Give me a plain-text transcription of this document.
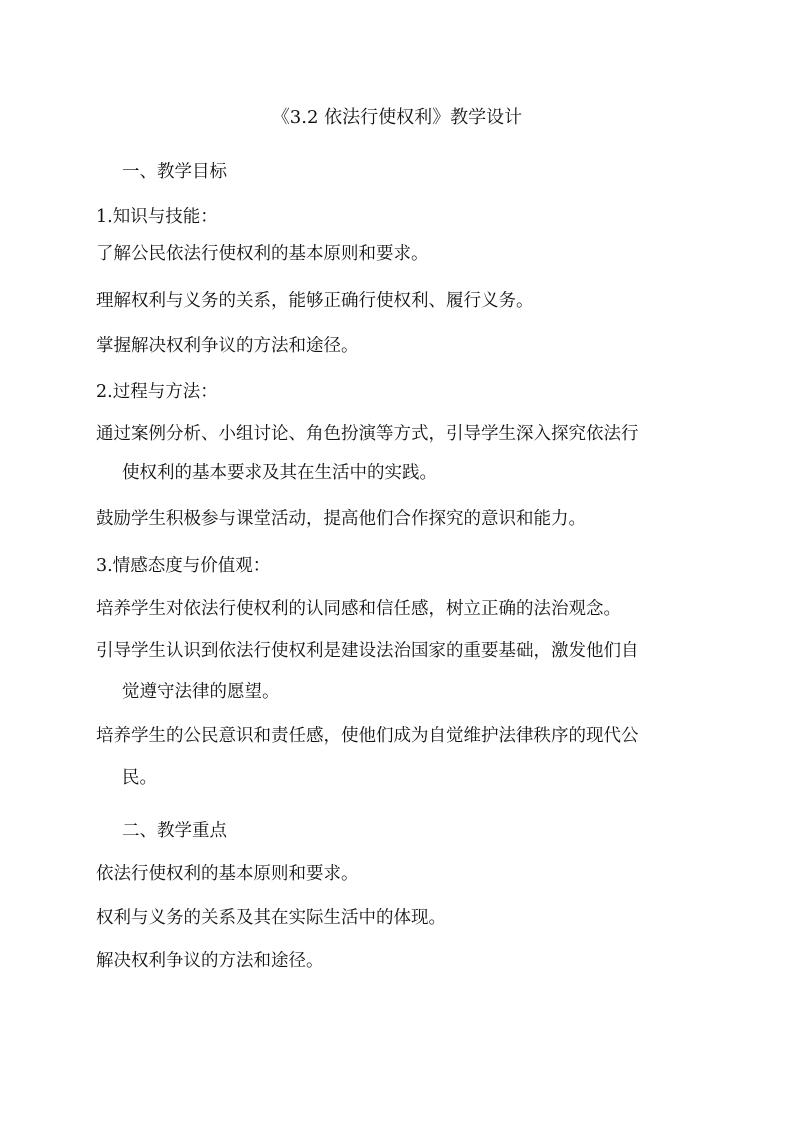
《3.2 依法行使权利》教学设计
一、教学目标
1.知识与技能：
了解公民依法行使权利的基本原则和要求。
理解权利与义务的关系，能够正确行使权利、履行义务。
掌握解决权利争议的方法和途径。
2.过程与方法：
通过案例分析、小组讨论、角色扮演等方式，引导学生深入探究依法行
使权利的基本要求及其在生活中的实践。
鼓励学生积极参与课堂活动，提高他们合作探究的意识和能力。
3.情感态度与价值观：
培养学生对依法行使权利的认同感和信任感，树立正确的法治观念。
引导学生认识到依法行使权利是建设法治国家的重要基础，激发他们自
觉遵守法律的愿望。
培养学生的公民意识和责任感，使他们成为自觉维护法律秩序的现代公
民。
二、教学重点
依法行使权利的基本原则和要求。
权利与义务的关系及其在实际生活中的体现。
解决权利争议的方法和途径。
